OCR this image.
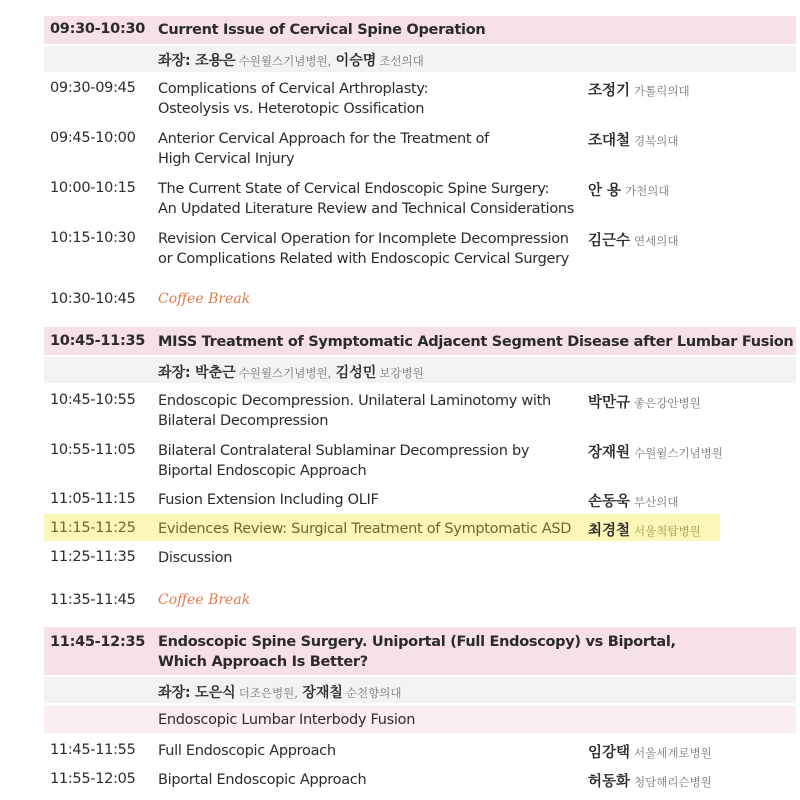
09:30-10:30 Current Issue of Cervical Spine Operation
좌장: 조용은 수원윌스기념병원, 이승명 조선의대
09:30-09:45 Complications of Cervical Arthroplasty:
Osteolysis vs. Heterotopic Ossification
조정기 가톨릭의대
09:45-10:00 Anterior Cervical Approach for the Treatment of
High Cervical Injury
조대철 경북의대
10:00-10:15 The Current State of Cervical Endoscopic Spine Surgery:
An Updated Literature Review and Technical Considerations
안 용 가천의대
10:15-10:30 Revision Cervical Operation for Incomplete Decompression
or Complications Related with Endoscopic Cervical Surgery
김근수 연세의대
10:30-10:45 Coffee Break
10:45-11:35 MISS Treatment of Symptomatic Adjacent Segment Disease after Lumbar Fusion
좌장: 박춘근 수원윌스기념병원, 김성민 보강병원
10:45-10:55 Endoscopic Decompression. Unilateral Laminotomy with
Bilateral Decompression
박만규 좋은강안병원
10:55-11:05 Bilateral Contralateral Sublaminar Decompression by
Biportal Endoscopic Approach
장재원 수원윌스기념병원
11:05-11:15 Fusion Extension Including OLIF	손동욱 부산의대
11:15-11:25 Evidences Review: Surgical Treatment of Symptomatic ASD 최경철 서울척탑병원
11:25-11:35 Discussion
11:35-11:45 Coffee Break
11:45-12:35 Endoscopic Spine Surgery. Uniportal (Full Endoscopy) vs Biportal,
Which Approach Is Better?
좌장: 도은식 더조은병원, 장재칠 순천향의대
Endoscopic Lumbar Interbody Fusion
11:45-11:55 Full Endoscopic Approach	임강택 서울세계로병원
11:55-12:05 Biportal Endoscopic Approach	허동화 청담해리슨병원
